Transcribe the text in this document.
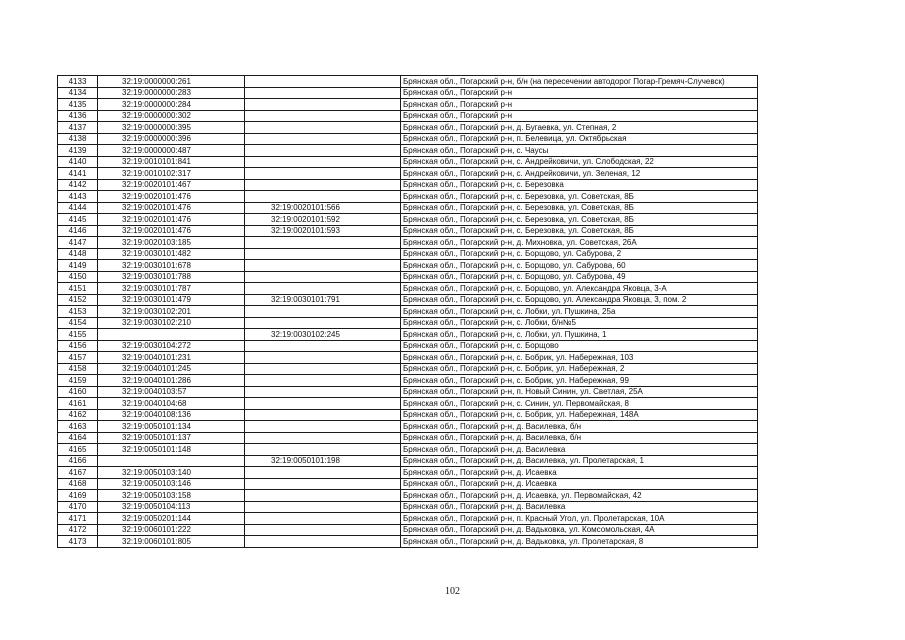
4133	32:19:0000000:261		Брянская обл., Погарский р-н, б/н (на пересечении автодорог Погар-Гремяч-Случевск)
4134	32:19:0000000:283		Брянская обл., Погарский р-н
4135	32:19:0000000:284		Брянская обл., Погарский р-н
4136	32:19:0000000:302		Брянская обл., Погарский р-н
4137	32:19:0000000:395		Брянская обл., Погарский р-н, д. Бугаевка, ул. Степная, 2
4138	32:19:0000000:396		Брянская обл., Погарский р-н, п. Белевица, ул. Октябрьская
4139	32:19:0000000:487		Брянская обл., Погарский р-н, с. Чаусы
4140	32:19:0010101:841		Брянская обл., Погарский р-н, с. Андрейковичи, ул. Слободская, 22
4141	32:19:0010102:317		Брянская обл., Погарский р-н, с. Андрейковичи, ул. Зеленая, 12
4142	32:19:0020101:467		Брянская обл., Погарский р-н, с. Березовка
4143	32:19:0020101:476		Брянская обл., Погарский р-н, с. Березовка, ул. Советская, 8Б
4144	32:19:0020101:476	32:19:0020101:566	Брянская обл., Погарский р-н, с. Березовка, ул. Советская, 8Б
4145	32:19:0020101:476	32:19:0020101:592	Брянская обл., Погарский р-н, с. Березовка, ул. Советская, 8Б
4146	32:19:0020101:476	32:19:0020101:593	Брянская обл., Погарский р-н, с. Березовка, ул. Советская, 8Б
4147	32:19:0020103:185		Брянская обл., Погарский р-н, д. Михновка, ул. Советская, 26А
4148	32:19:0030101:482		Брянская обл., Погарский р-н, с. Борщово, ул. Сабурова, 2
4149	32:19:0030101:678		Брянская обл., Погарский р-н, с. Борщово, ул. Сабурова, 60
4150	32:19:0030101:788		Брянская обл., Погарский р-н, с. Борщово, ул. Сабурова, 49
4151	32:19:0030101:787		Брянская обл., Погарский р-н, с. Борщово, ул. Александра Яковца, 3-А
4152	32:19:0030101:479	32:19:0030101:791	Брянская обл., Погарский р-н, с. Борщово, ул. Александра Яковца, 3, пом. 2
4153	32:19:0030102:201		Брянская обл., Погарский р-н, с. Лобки, ул. Пушкина, 25а
4154	32:19:0030102:210		Брянская обл., Погарский р-н, с. Лобки, б/н№5
4155		32:19:0030102:245	Брянская обл., Погарский р-н, с. Лобки, ул. Пушкина, 1
4156	32:19:0030104:272		Брянская обл., Погарский р-н, с. Борщово
4157	32:19:0040101:231		Брянская обл., Погарский р-н, с. Бобрик, ул. Набережная, 103
4158	32:19:0040101:245		Брянская обл., Погарский р-н, с. Бобрик, ул. Набережная, 2
4159	32:19:0040101:286		Брянская обл., Погарский р-н, с. Бобрик, ул. Набережная, 99
4160	32:19:0040103:57		Брянская обл., Погарский р-н, п. Новый Синин, ул. Светлая, 25А
4161	32:19:0040104:68		Брянская обл., Погарский р-н, с. Синин, ул. Первомайская, 8
4162	32:19:0040108:136		Брянская обл., Погарский р-н, с. Бобрик, ул. Набережная, 148А
4163	32:19:0050101:134		Брянская обл., Погарский р-н, д. Василевка, б/н
4164	32:19:0050101:137		Брянская обл., Погарский р-н, д. Василевка, б/н
4165	32:19:0050101:148		Брянская обл., Погарский р-н, д. Василевка
4166		32:19:0050101:198	Брянская обл., Погарский р-н, д. Василевка, ул. Пролетарская, 1
4167	32:19:0050103:140		Брянская обл., Погарский р-н, д. Исаевка
4168	32:19:0050103:146		Брянская обл., Погарский р-н, д. Исаевка
4169	32:19:0050103:158		Брянская обл., Погарский р-н, д. Исаевка, ул. Первомайская, 42
4170	32:19:0050104:113		Брянская обл., Погарский р-н, д. Василевка
4171	32:19:0050201:144		Брянская обл., Погарский р-н, п. Красный Угол, ул. Пролетарская, 10А
4172	32:19:0060101:222		Брянская обл., Погарский р-н, д. Вадьковка, ул. Комсомольская, 4А
4173	32:19:0060101:805		Брянская обл., Погарский р-н, д. Вадьковка, ул. Пролетарская, 8
102
